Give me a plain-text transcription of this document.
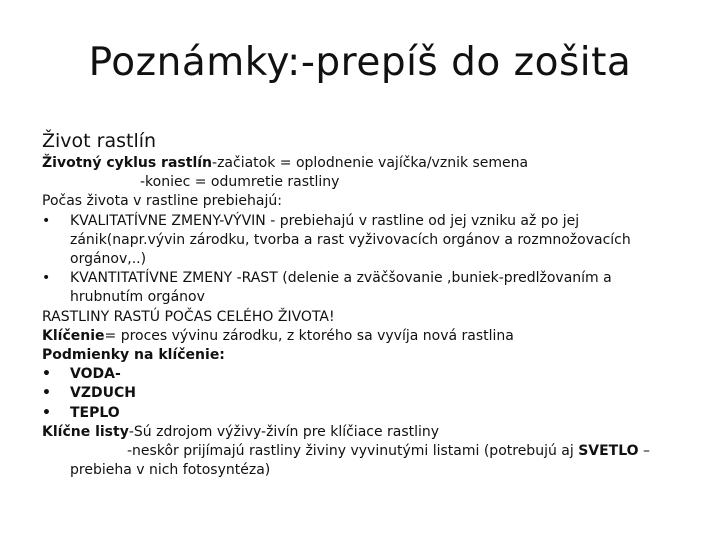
Poznámky:-prepíš do zošita

Život rastlín

Životný cyklus rastlín-začiatok = oplodnenie vajíčka/vznik semena

-koniec = odumretie rastliny

Počas života v rastline prebiehajú:

•	KVALITATÍVNE ZMENY-VÝVIN - prebiehajú v rastline od jej vzniku až po jej zánik(napr.vývin zárodku, tvorba a rast vyživovacích orgánov a rozmnožovacích orgánov,..)
•	KVANTITATÍVNE ZMENY -RAST (delenie a zväčšovanie ,buniek-predlžovaním a hrubnutím orgánov

RASTLINY RASTÚ POČAS CELÉHO ŽIVOTA!

Klíčenie= proces vývinu zárodku, z ktorého sa vyvíja nová rastlina

Podmienky na klíčenie:

•	VODA-
•	VZDUCH
•	TEPLO

Klíčne listy-Sú zdrojom výživy-živín pre klíčiace rastliny

-neskôr prijímajú rastliny živiny vyvinutými listami (potrebujú aj SVETLO –

prebieha v nich fotosyntéza)
